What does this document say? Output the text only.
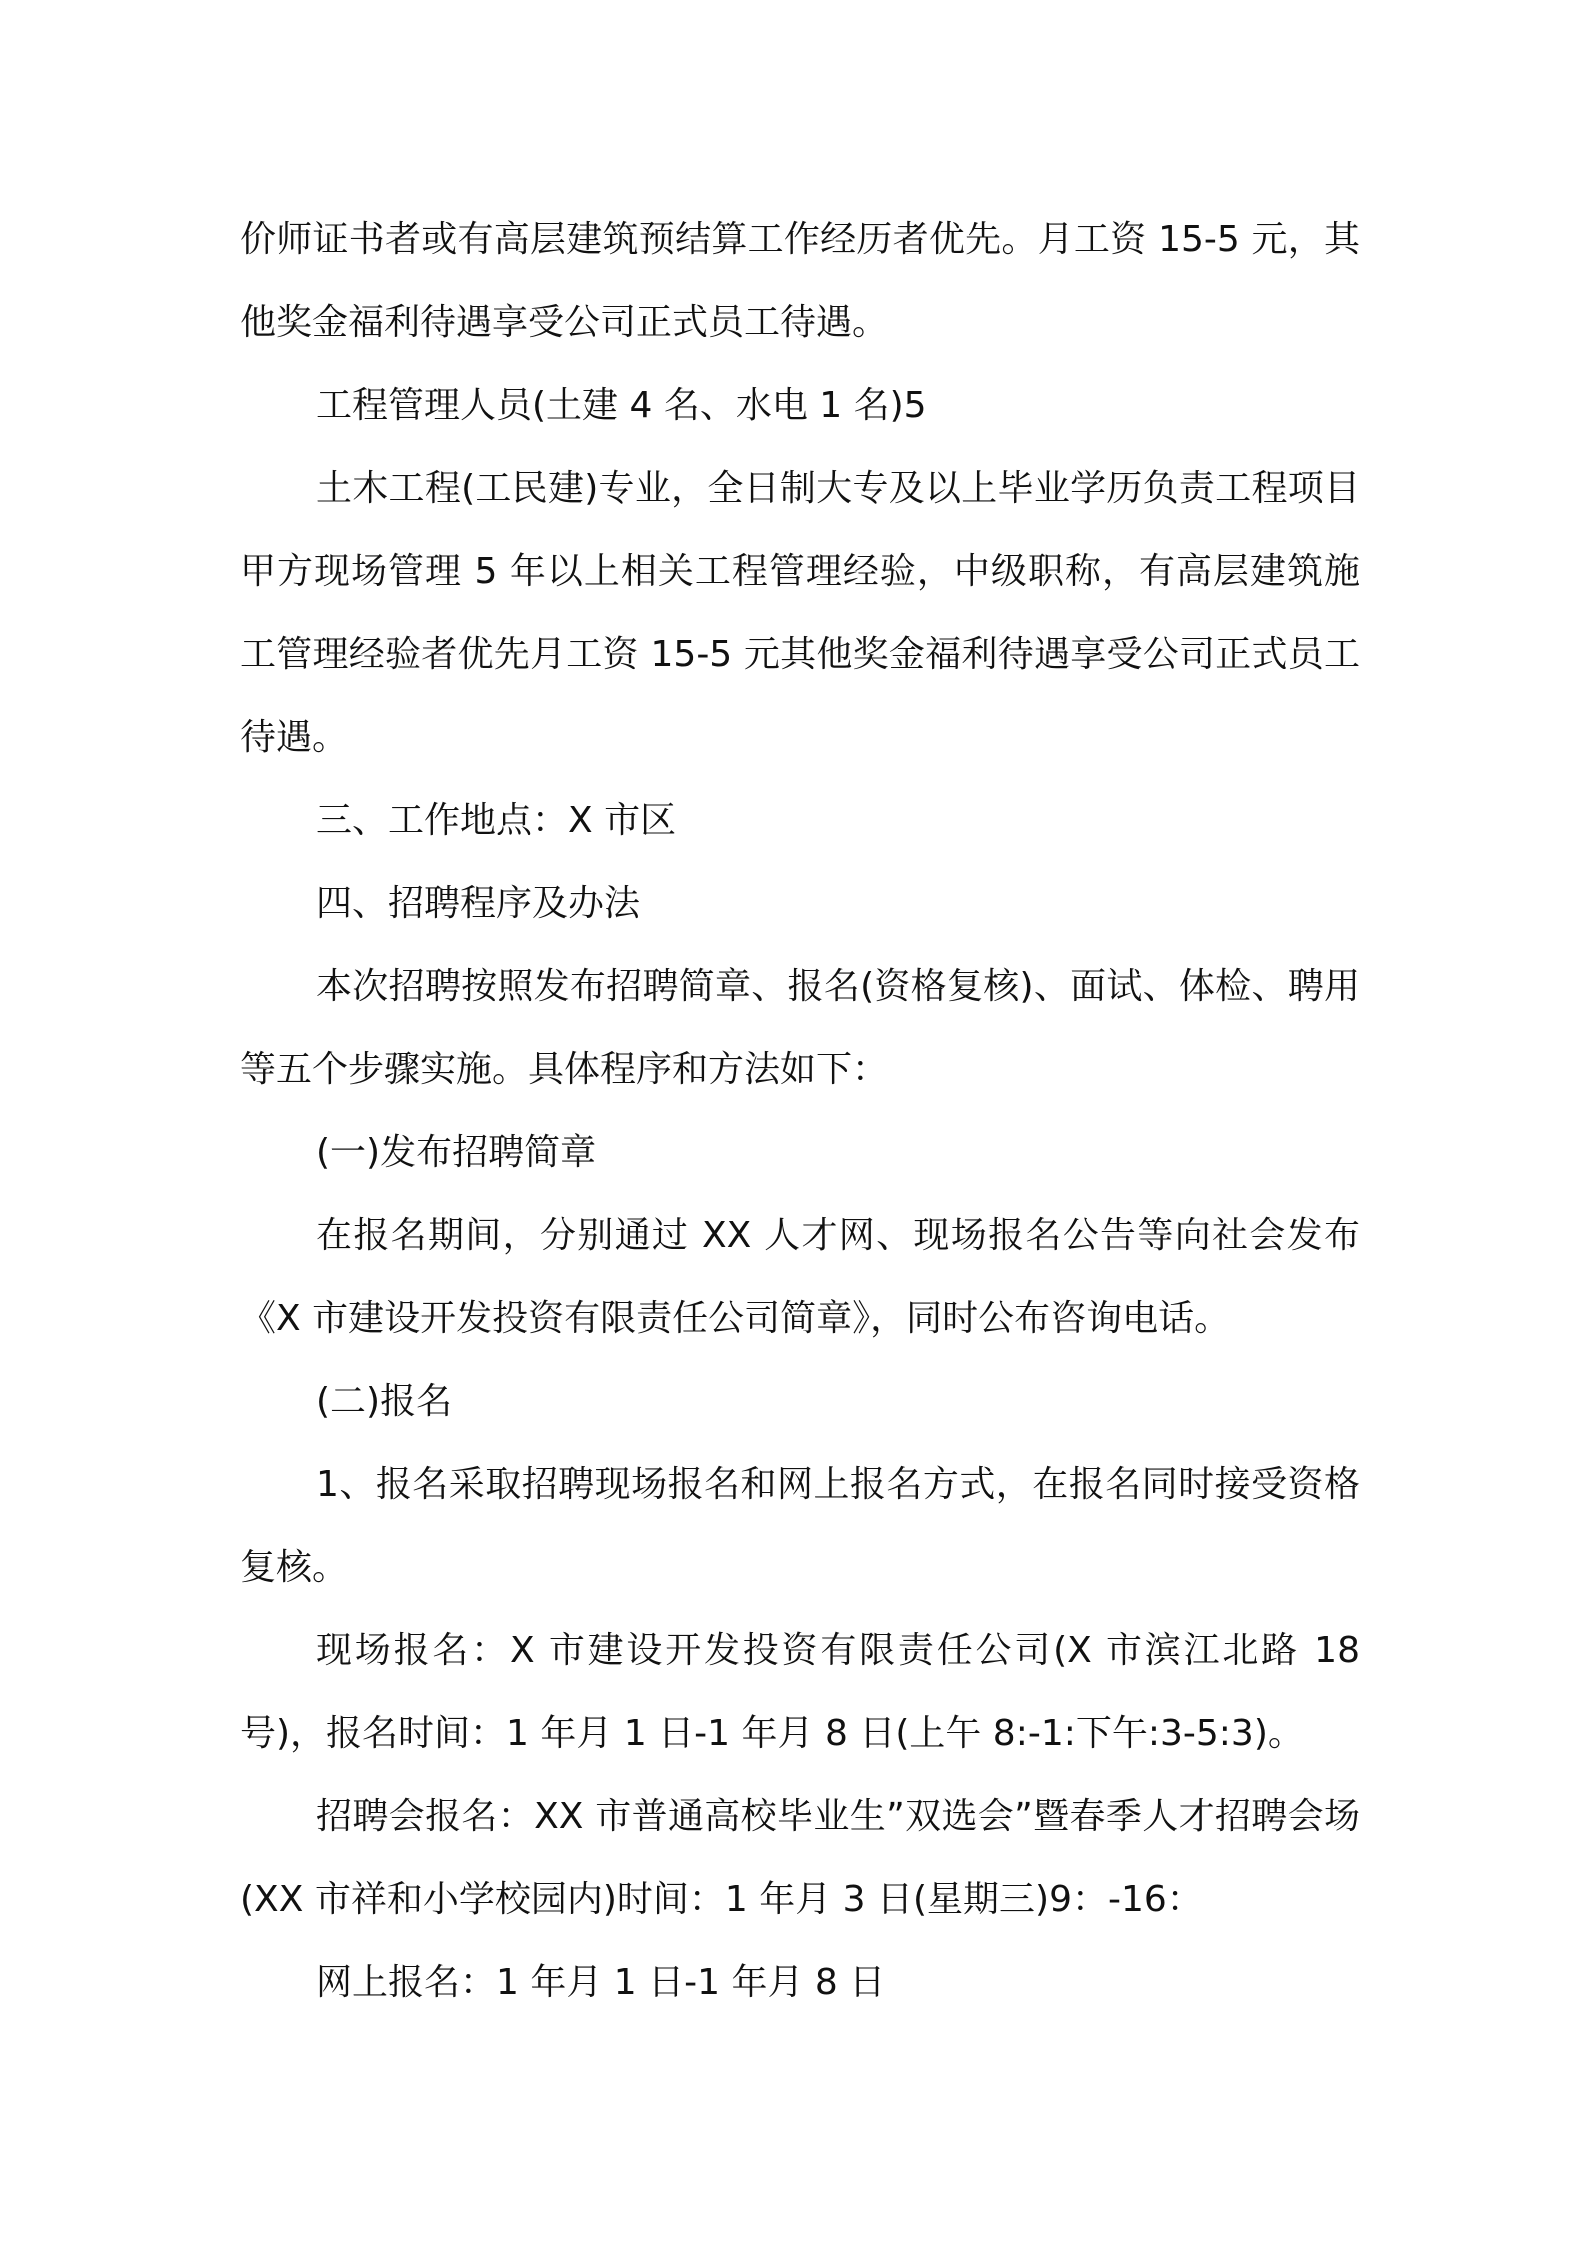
价师证书者或有高层建筑预结算工作经历者优先。月工资 15-5 元，其他奖金福利待遇享受公司正式员工待遇。

工程管理人员(土建 4 名、水电 1 名)5

土木工程(工民建)专业，全日制大专及以上毕业学历负责工程项目甲方现场管理 5 年以上相关工程管理经验，中级职称，有高层建筑施工管理经验者优先月工资 15-5 元其他奖金福利待遇享受公司正式员工待遇。

三、工作地点：X 市区

四、招聘程序及办法

本次招聘按照发布招聘简章、报名(资格复核)、面试、体检、聘用等五个步骤实施。具体程序和方法如下：

(一)发布招聘简章

在报名期间，分别通过 XX 人才网、现场报名公告等向社会发布《X 市建设开发投资有限责任公司简章》，同时公布咨询电话。

(二)报名

1、报名采取招聘现场报名和网上报名方式，在报名同时接受资格复核。

现场报名：X 市建设开发投资有限责任公司(X 市滨江北路 18 号)，报名时间：1 年月 1 日-1 年月 8 日(上午 8:-1:下午:3-5:3)。

招聘会报名：XX 市普通高校毕业生”双选会”暨春季人才招聘会场(XX 市祥和小学校园内)时间：1 年月 3 日(星期三)9：-16：

网上报名：1 年月 1 日-1 年月 8 日
